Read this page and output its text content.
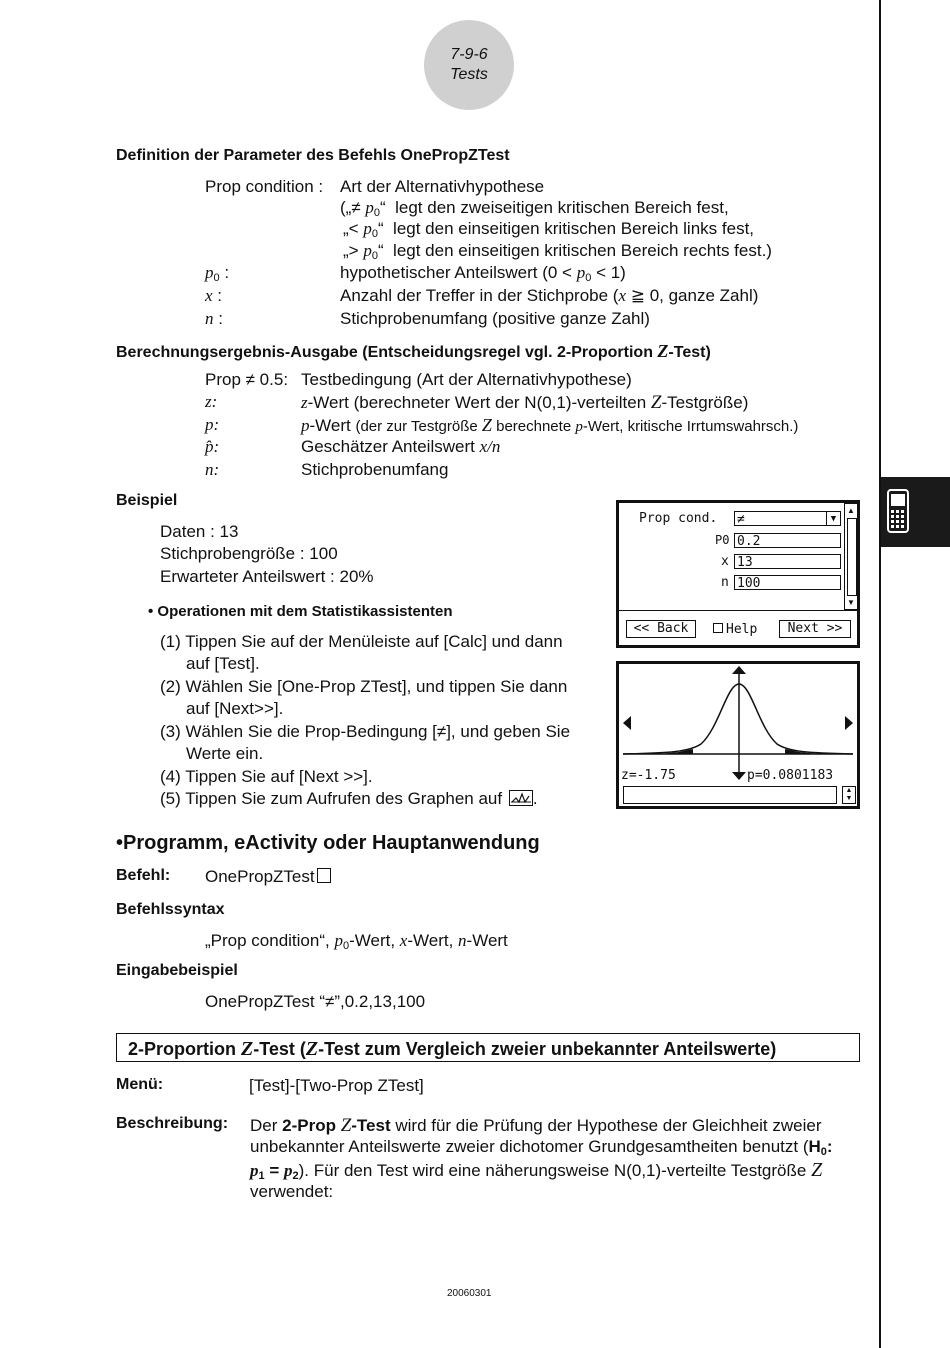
7-9-6
Tests
Definition der Parameter des Befehls OnePropZTest
Prop condition : Art der Alternativhypothese
(„≠ $p_0“$  legt den zweiseitigen kritischen Bereich fest,
„< $p_0“$  legt den einseitigen kritischen Bereich links fest,
„> $p_0“$  legt den einseitigen kritischen Bereich rechts fest.)
$p_0$ :	hypothetischer Anteilswert $(0 < p_0 < 1)$
x :	Anzahl der Treffer in der Stichprobe (x ≧ 0, ganze Zahl)
n :	Stichprobenumfang (positive ganze Zahl)
Berechnungsergebnis-Ausgabe (Entscheidungsregel vgl. 2-Proportion Z-Test)
Prop ≠ 0.5: Testbedingung (Art der Alternativhypothese)
z:	z-Wert (berechneter Wert der N(0,1)-verteilten Z-Testgröße)
p:	p-Wert (der zur Testgröße Z berechnete p-Wert, kritische Irrtumswahrsch.)
p̂:	Geschätzer Anteilswert x/n
n:	Stichprobenumfang
Beispiel
Daten : 13
Stichprobengröße : 100
Erwarteter Anteilswert : 20%
• Operationen mit dem Statistikassistenten
(1) Tippen Sie auf der Menüleiste auf [Calc] und dann
auf [Test].
(2) Wählen Sie [One-Prop ZTest], und tippen Sie dann
auf [Next>>].
(3) Wählen Sie die Prop-Bedingung [≠], und geben Sie
Werte ein.
(4) Tippen Sie auf [Next >>].
(5) Tippen Sie zum Aufrufen des Graphen auf .
Prop cond. ≠	▼
P0 0.2
x 13
n 100
▲
▼
<< Back	Help	Next >>
z=-1.75	p=0.0801183
▲
▼
•Programm, eActivity oder Hauptanwendung
Befehl: OnePropZTest
Befehlssyntax
„Prop condition“, $p_0$-Wert, x-Wert, n-Wert
Eingabebeispiel
OnePropZTest “≠”,0.2,13,100
2-Proportion Z-Test (Z-Test zum Vergleich zweier unbekannter Anteilswerte)
Menü:	[Test]-[Two-Prop ZTest]
Beschreibung: Der 2-Prop Z-Test wird für die Prüfung der Hypothese der Gleichheit zweier
unbekannter Anteilswerte zweier dichotomer Grundgesamtheiten benutzt ($H_0$:
$p_1 = p_2$). Für den Test wird eine näherungsweise N(0,1)-verteilte Testgröße Z
verwendet:
20060301
